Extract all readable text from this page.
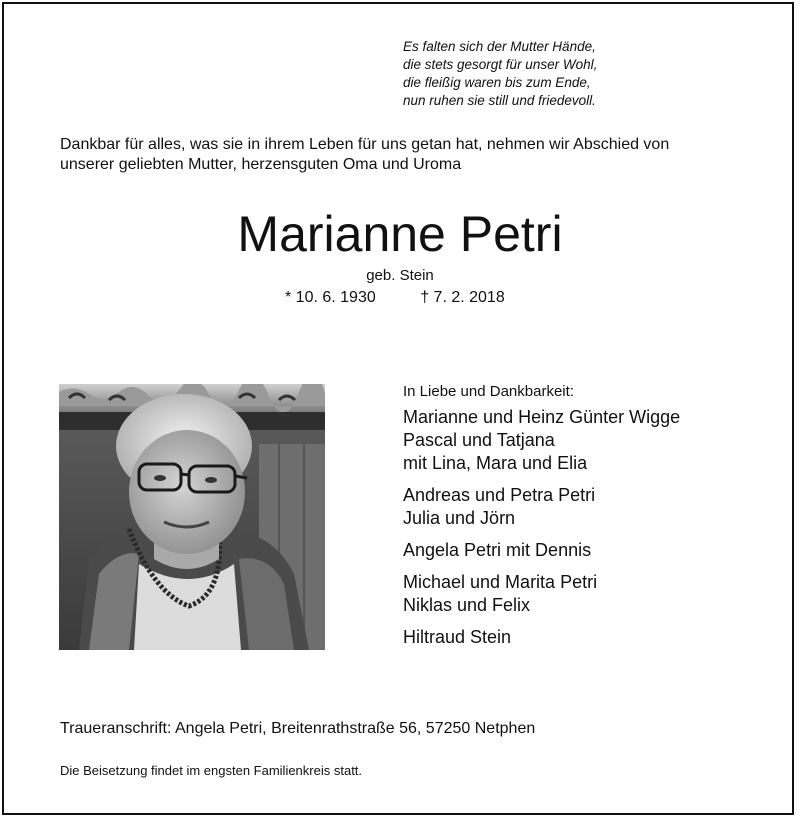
Es falten sich der Mutter Hände,
die stets gesorgt für unser Wohl,
die fleißig waren bis zum Ende,
nun ruhen sie still und friedevoll.
Dankbar für alles, was sie in ihrem Leben für uns getan hat, nehmen wir Abschied von
unserer geliebten Mutter, herzensguten Oma und Uroma
Marianne Petri
geb. Stein
* 10. 6. 1930	† 7. 2. 2018
In Liebe und Dankbarkeit:
Marianne und Heinz Günter Wigge
Pascal und Tatjana
mit Lina, Mara und Elia
Andreas und Petra Petri
Julia und Jörn
Angela Petri mit Dennis
Michael und Marita Petri
Niklas und Felix
Hiltraud Stein
Traueranschrift: Angela Petri, Breitenrathstraße 56, 57250 Netphen
Die Beisetzung findet im engsten Familienkreis statt.
